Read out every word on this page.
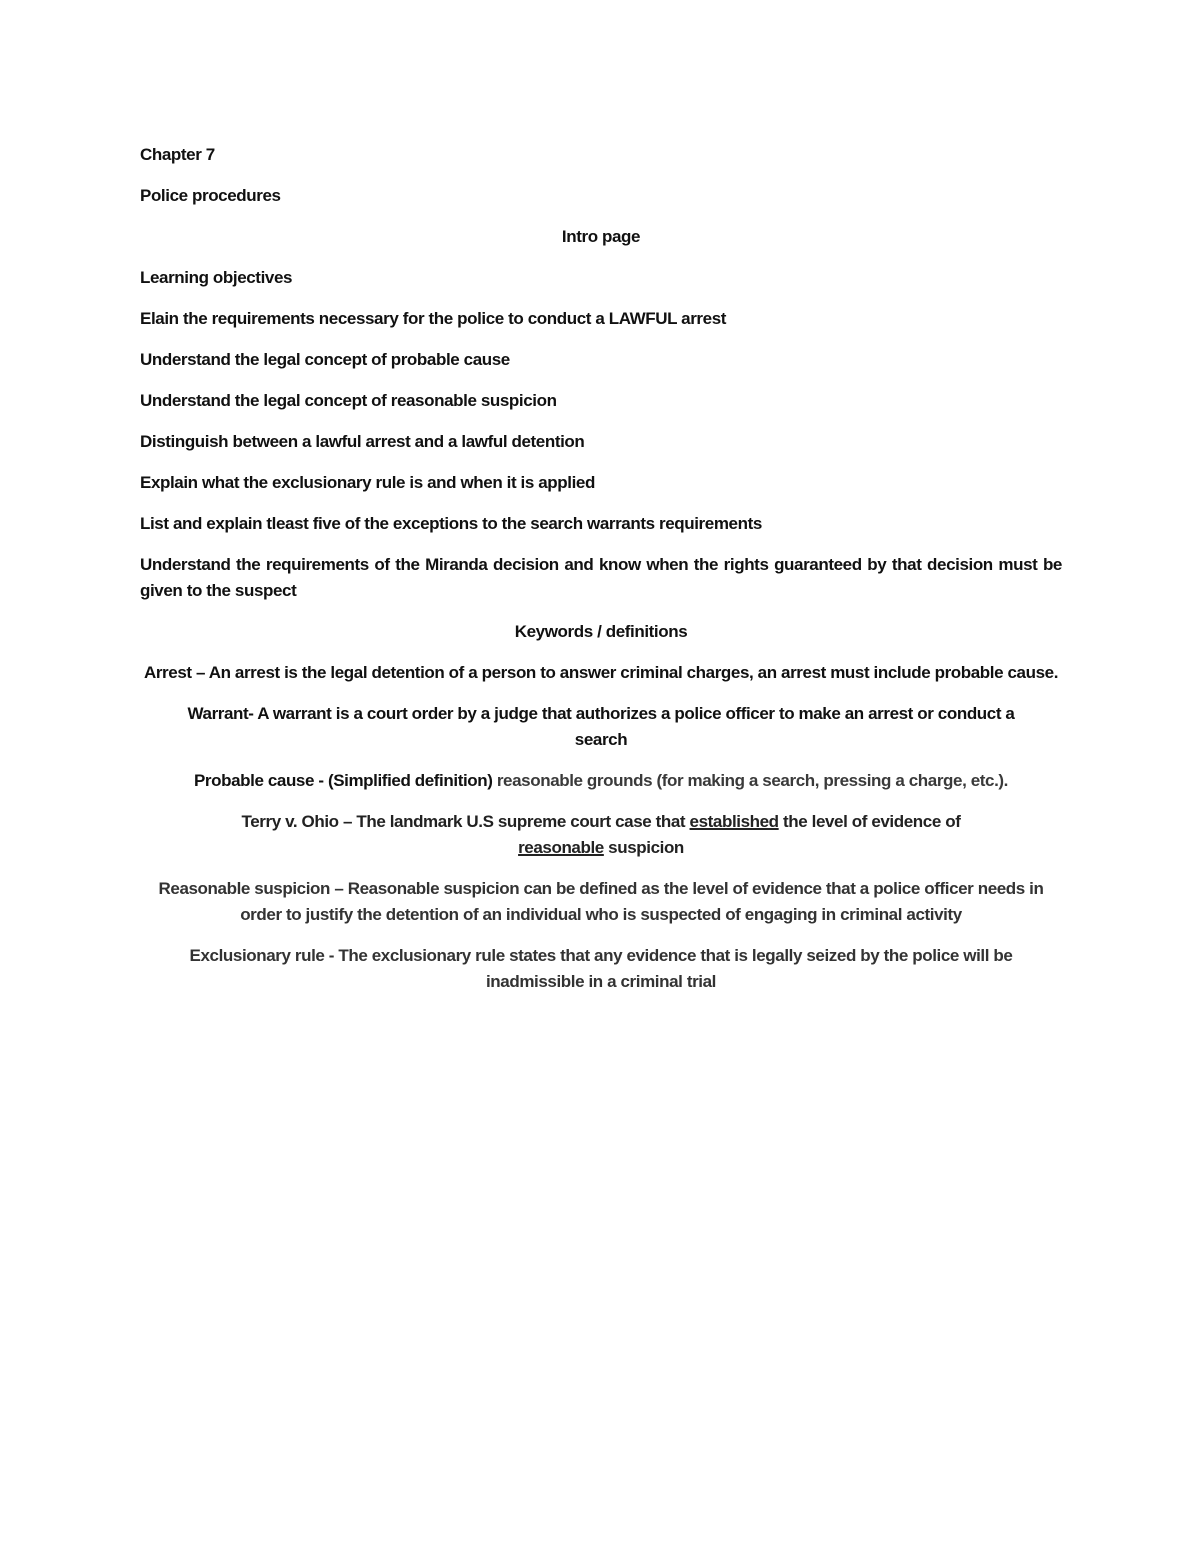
Chapter 7

Police procedures

Intro page

Learning objectives

Elain the requirements necessary for the police to conduct a LAWFUL arrest

Understand the legal concept of probable cause

Understand the legal concept of reasonable suspicion

Distinguish between a lawful arrest and a lawful detention

Explain what the exclusionary rule is and when it is applied

List and explain tleast five of the exceptions to the search warrants requirements

Understand the requirements of the Miranda decision and know when the rights guaranteed by that decision must be given to the suspect

Keywords / definitions

Arrest – An arrest is the legal detention of a person to answer criminal charges, an arrest must include probable cause.

Warrant- A warrant is a court order by a judge that authorizes a police officer to make an arrest or conduct a search

Probable cause - (Simplified definition) reasonable grounds (for making a search, pressing a charge, etc.).

Terry v. Ohio – The landmark U.S supreme court case that established the level of evidence of
reasonable suspicion

Reasonable suspicion – Reasonable suspicion can be defined as the level of evidence that a police officer needs in order to justify the detention of an individual who is suspected of engaging in criminal activity

Exclusionary rule - The exclusionary rule states that any evidence that is legally seized by the police will be inadmissible in a criminal trial
